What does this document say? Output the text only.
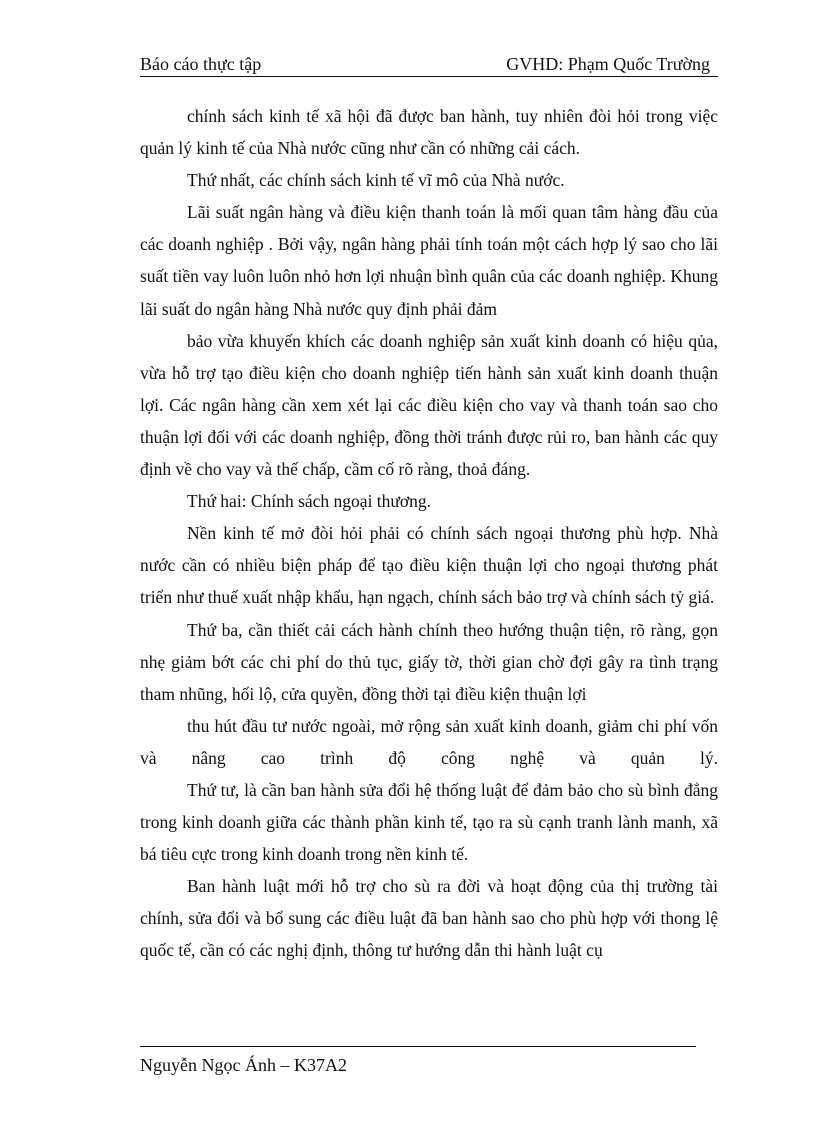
Báo cáo thực tập	GVHD: Phạm Quốc Trường

chính sách kinh tế xã hội đã được ban hành, tuy nhiên đòi hỏi trong việc quản lý kinh tế của Nhà nước cũng như cần có những cải cách.

Thứ nhất, các chính sách kinh tế vĩ mô của Nhà nước.

Lãi suất ngân hàng và điều kiện thanh toán là mối quan tâm hàng đầu của các doanh nghiệp . Bởi vậy, ngân hàng phải tính toán một cách hợp lý sao cho lãi suất tiền vay luôn luôn nhỏ hơn lợi nhuận bình quân của các doanh nghiệp. Khung lãi suất do ngân hàng Nhà nước quy định phải đảm

bảo vừa khuyến khích các doanh nghiệp sản xuất kinh doanh có hiệu qủa, vừa hỗ trợ tạo điều kiện cho doanh nghiệp tiến hành sản xuất kinh doanh thuận lợi. Các ngân hàng cần xem xét lại các điều kiện cho vay và thanh toán sao cho thuận lợi đối với các doanh nghiệp, đồng thời tránh được rủi ro, ban hành các quy định về cho vay và thế chấp, cầm cố rõ ràng, thoả đáng.

Thứ hai: Chính sách ngoại thương.

Nền kinh tế mở đòi hỏi phải có chính sách ngoại thương phù hợp. Nhà nước cần có nhiều biện pháp để tạo điều kiện thuận lợi cho ngoại thương phát triển như thuế xuất nhập khẩu, hạn ngạch, chính sách bảo trợ và chính sách tỷ giá.

Thứ ba, cần thiết cải cách hành chính theo hướng thuận tiện, rõ ràng, gọn nhẹ giảm bớt các chi phí do thủ tục, giấy tờ, thời gian chờ đợi gây ra tình trạng tham nhũng, hối lộ, cửa quyền, đồng thời tại điều kiện thuận lợi

thu hút đầu tư nước ngoài, mở rộng sản xuất kinh doanh, giảm chi phí vốn và nâng cao trình độ công nghệ và quản lý.

Thứ tư, là cần ban hành sửa đổi hệ thống luật để đảm bảo cho sù bình đẳng trong kinh doanh giữa các thành phần kinh tế, tạo ra sù cạnh tranh lành manh, xã bá tiêu cực trong kinh doanh trong nền kinh tế.

Ban hành luật mới hỗ trợ cho sù ra đời và hoạt động của thị trường tài chính, sửa đổi và bổ sung các điều luật đã ban hành sao cho phù hợp với thong lệ quốc tế, cần có các nghị định, thông tư hướng dẫn thi hành luật cụ

Nguyễn Ngọc Ánh – K37A2
